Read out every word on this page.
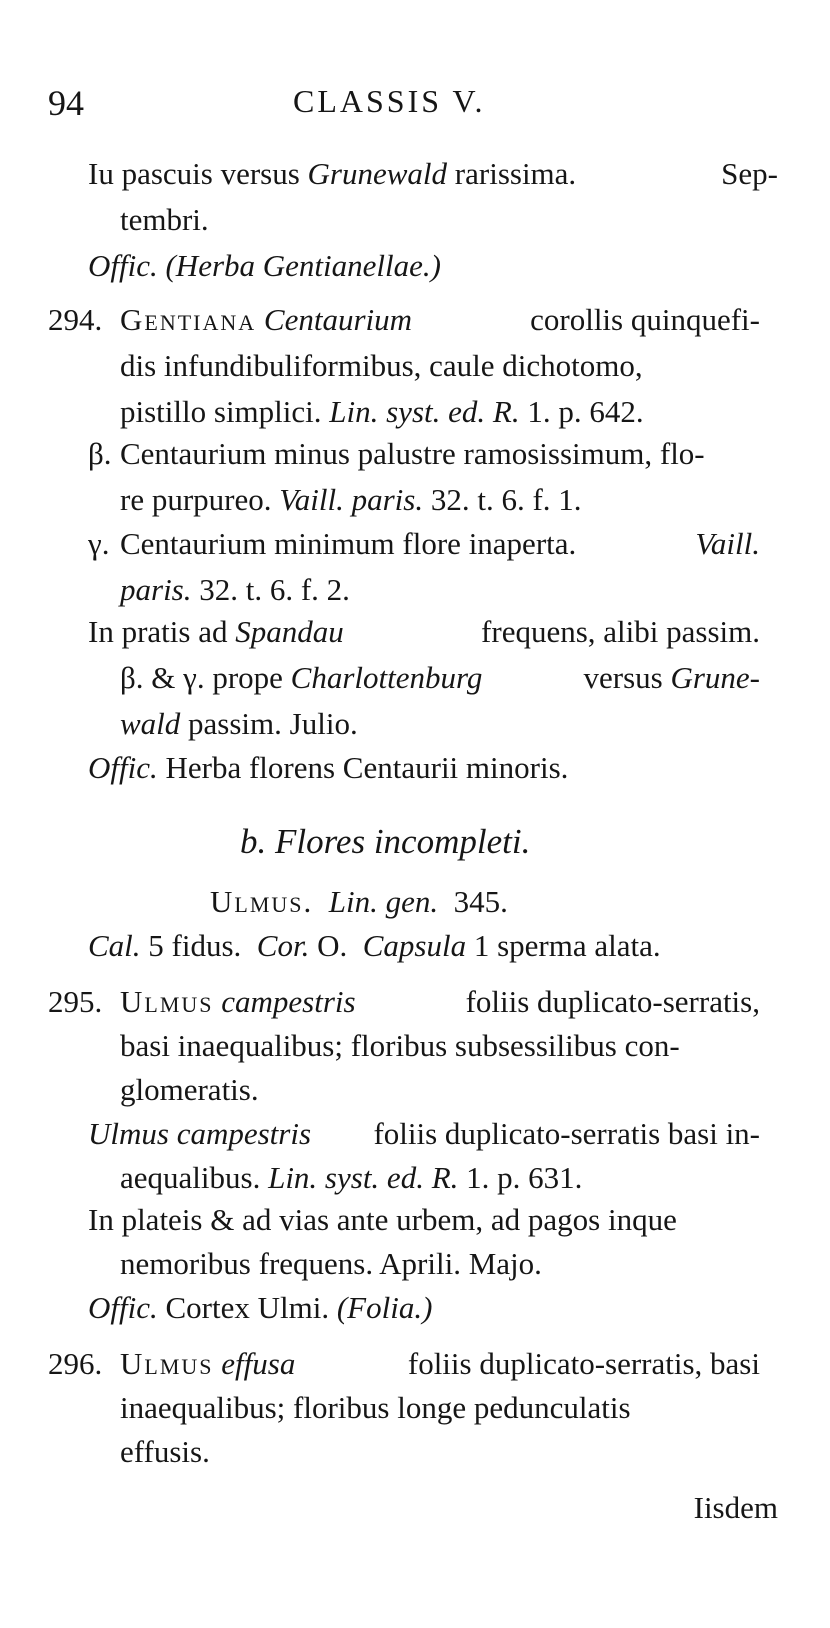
94	CLASSIS V.
Iu pascuis versus Grunewald rarissima.	Sep-
tembri.
Offic. (Herba Gentianellae.)
294. Gentiana Centaurium	corollis quinquefi-
dis infundibuliformibus, caule dichotomo,
pistillo simplici. Lin. syst. ed. R. 1. p. 642.
β. Centaurium minus palustre ramosissimum, flo-
re purpureo. Vaill. paris. 32. t. 6. f. 1.
γ. Centaurium minimum flore inaperta.	Vaill.
paris. 32. t. 6. f. 2.
In pratis ad Spandau	frequens, alibi passim.
β. & γ. prope Charlottenburg	versus Grune-
wald passim. Julio.
Offic. Herba florens Centaurii minoris.
b. Flores incompleti.
Ulmus. Lin. gen. 345.
Cal. 5 fidus. Cor. O. Capsula 1 sperma alata.
295. Ulmus campestris	foliis duplicato-serratis,
basi inaequalibus; floribus subsessilibus con-
glomeratis.
Ulmus campestris foliis duplicato-serratis basi in-
aequalibus. Lin. syst. ed. R. 1. p. 631.
In plateis & ad vias ante urbem, ad pagos inque
nemoribus frequens. Aprili. Majo.
Offic. Cortex Ulmi. (Folia.)
296. Ulmus effusa	foliis duplicato-serratis, basi
inaequalibus; floribus longe pedunculatis
effusis.
Iisdem
